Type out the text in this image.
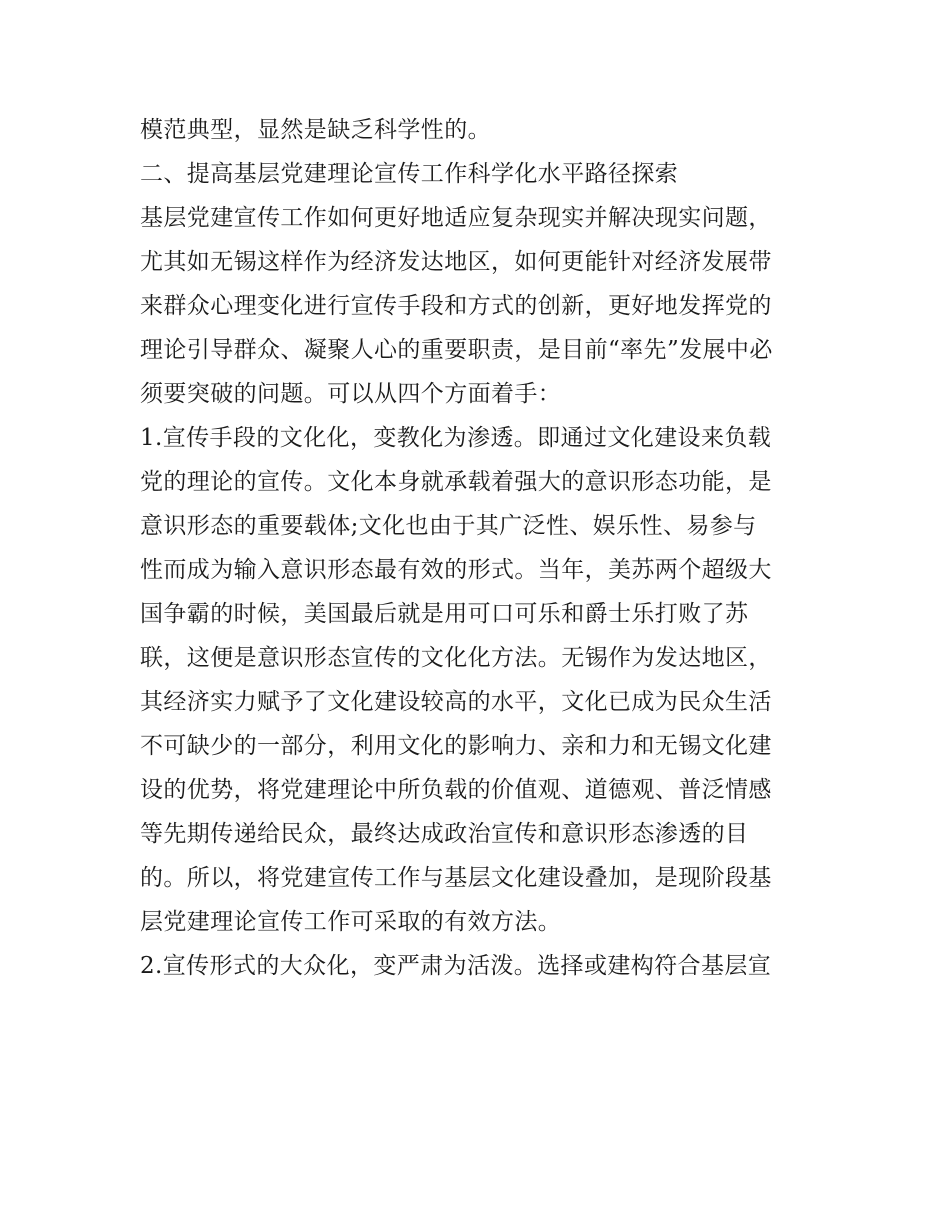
模范典型，显然是缺乏科学性的。
二、提高基层党建理论宣传工作科学化水平路径探索
基层党建宣传工作如何更好地适应复杂现实并解决现实问题，
尤其如无锡这样作为经济发达地区，如何更能针对经济发展带
来群众心理变化进行宣传手段和方式的创新，更好地发挥党的
理论引导群众、凝聚人心的重要职责，是目前“率先”发展中必
须要突破的问题。可以从四个方面着手：
1.宣传手段的文化化，变教化为渗透。即通过文化建设来负载
党的理论的宣传。文化本身就承载着强大的意识形态功能，是
意识形态的重要载体;文化也由于其广泛性、娱乐性、易参与
性而成为输入意识形态最有效的形式。当年，美苏两个超级大
国争霸的时候，美国最后就是用可口可乐和爵士乐打败了苏
联，这便是意识形态宣传的文化化方法。无锡作为发达地区，
其经济实力赋予了文化建设较高的水平，文化已成为民众生活
不可缺少的一部分，利用文化的影响力、亲和力和无锡文化建
设的优势，将党建理论中所负载的价值观、道德观、普泛情感
等先期传递给民众，最终达成政治宣传和意识形态渗透的目
的。所以，将党建宣传工作与基层文化建设叠加，是现阶段基
层党建理论宣传工作可采取的有效方法。
2.宣传形式的大众化，变严肃为活泼。选择或建构符合基层宣
